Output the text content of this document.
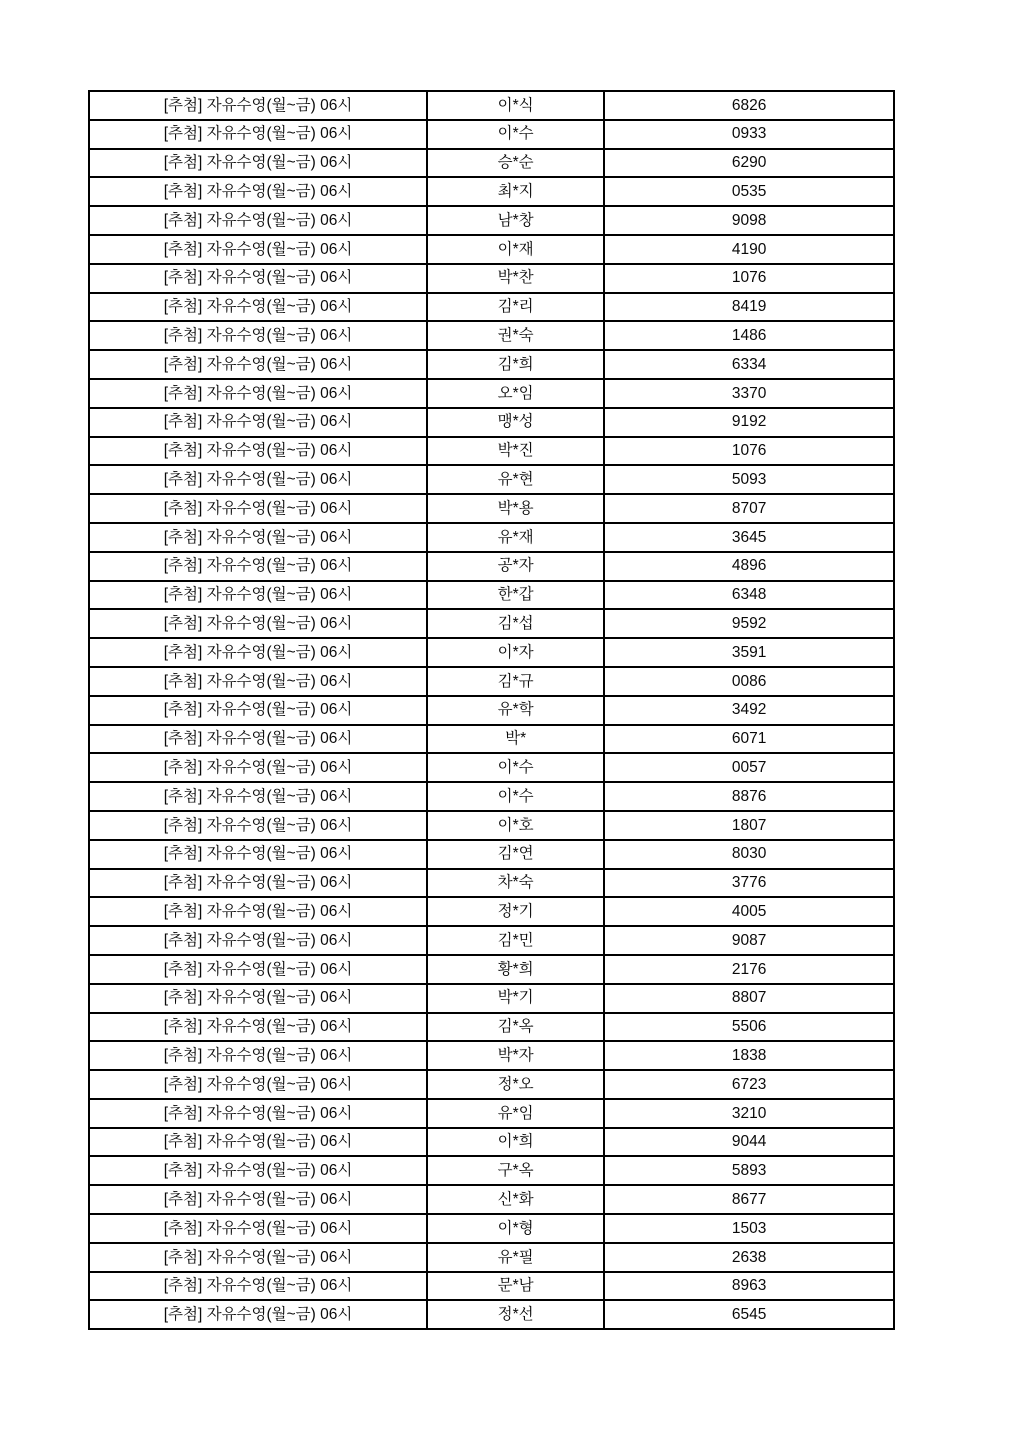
[추첨] 자유수영(월~금) 06시	이*식	6826
[추첨] 자유수영(월~금) 06시	이*수	0933
[추첨] 자유수영(월~금) 06시	승*순	6290
[추첨] 자유수영(월~금) 06시	최*지	0535
[추첨] 자유수영(월~금) 06시	남*창	9098
[추첨] 자유수영(월~금) 06시	이*재	4190
[추첨] 자유수영(월~금) 06시	박*찬	1076
[추첨] 자유수영(월~금) 06시	김*리	8419
[추첨] 자유수영(월~금) 06시	권*숙	1486
[추첨] 자유수영(월~금) 06시	김*희	6334
[추첨] 자유수영(월~금) 06시	오*임	3370
[추첨] 자유수영(월~금) 06시	맹*성	9192
[추첨] 자유수영(월~금) 06시	박*진	1076
[추첨] 자유수영(월~금) 06시	유*현	5093
[추첨] 자유수영(월~금) 06시	박*용	8707
[추첨] 자유수영(월~금) 06시	유*재	3645
[추첨] 자유수영(월~금) 06시	공*자	4896
[추첨] 자유수영(월~금) 06시	한*갑	6348
[추첨] 자유수영(월~금) 06시	김*섭	9592
[추첨] 자유수영(월~금) 06시	이*자	3591
[추첨] 자유수영(월~금) 06시	김*규	0086
[추첨] 자유수영(월~금) 06시	유*학	3492
[추첨] 자유수영(월~금) 06시	박*	6071
[추첨] 자유수영(월~금) 06시	이*수	0057
[추첨] 자유수영(월~금) 06시	이*수	8876
[추첨] 자유수영(월~금) 06시	이*호	1807
[추첨] 자유수영(월~금) 06시	김*연	8030
[추첨] 자유수영(월~금) 06시	차*숙	3776
[추첨] 자유수영(월~금) 06시	정*기	4005
[추첨] 자유수영(월~금) 06시	김*민	9087
[추첨] 자유수영(월~금) 06시	황*희	2176
[추첨] 자유수영(월~금) 06시	박*기	8807
[추첨] 자유수영(월~금) 06시	김*옥	5506
[추첨] 자유수영(월~금) 06시	박*자	1838
[추첨] 자유수영(월~금) 06시	정*오	6723
[추첨] 자유수영(월~금) 06시	유*임	3210
[추첨] 자유수영(월~금) 06시	이*희	9044
[추첨] 자유수영(월~금) 06시	구*옥	5893
[추첨] 자유수영(월~금) 06시	신*화	8677
[추첨] 자유수영(월~금) 06시	이*형	1503
[추첨] 자유수영(월~금) 06시	유*필	2638
[추첨] 자유수영(월~금) 06시	문*남	8963
[추첨] 자유수영(월~금) 06시	정*선	6545
